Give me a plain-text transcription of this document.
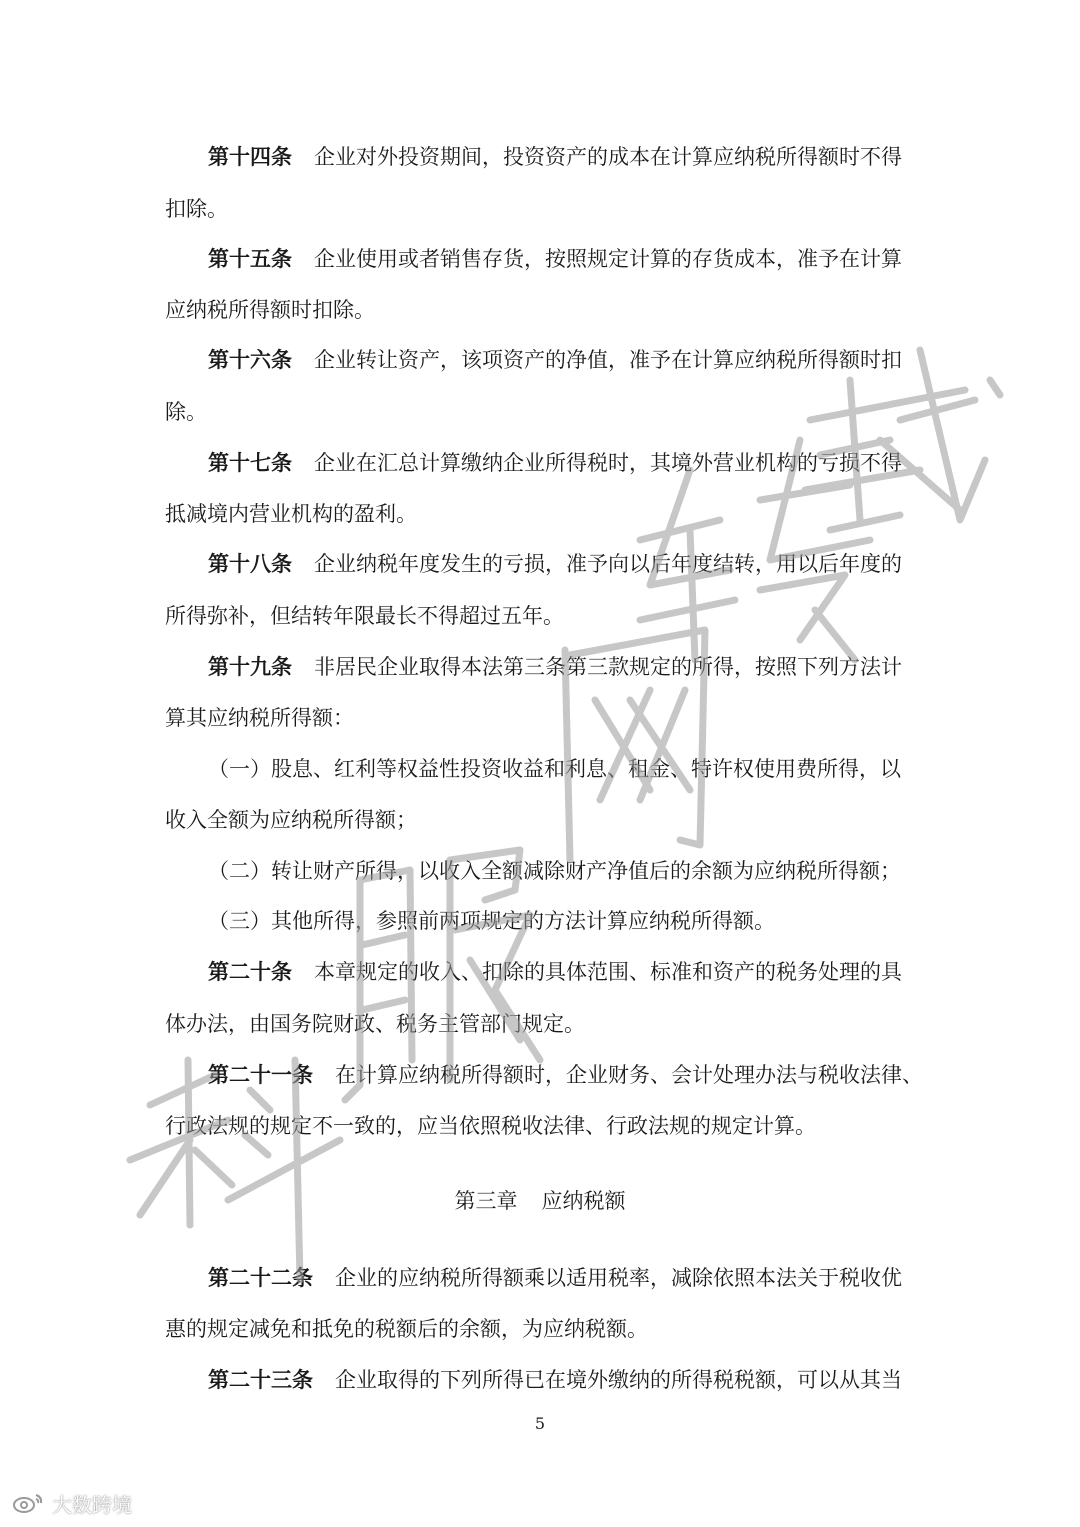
第十四条 企业对外投资期间，投资资产的成本在计算应纳税所得额时不得
扣除。
第十五条 企业使用或者销售存货，按照规定计算的存货成本，准予在计算
应纳税所得额时扣除。
第十六条 企业转让资产，该项资产的净值，准予在计算应纳税所得额时扣
除。
第十七条 企业在汇总计算缴纳企业所得税时，其境外营业机构的亏损不得
抵减境内营业机构的盈利。
第十八条 企业纳税年度发生的亏损，准予向以后年度结转，用以后年度的
所得弥补，但结转年限最长不得超过五年。
第十九条 非居民企业取得本法第三条第三款规定的所得，按照下列方法计
算其应纳税所得额：
（一）股息、红利等权益性投资收益和利息、租金、特许权使用费所得，以
收入全额为应纳税所得额；
（二）转让财产所得，以收入全额减除财产净值后的余额为应纳税所得额；
（三）其他所得，参照前两项规定的方法计算应纳税所得额。
第二十条 本章规定的收入、扣除的具体范围、标准和资产的税务处理的具
体办法，由国务院财政、税务主管部门规定。
第二十一条 在计算应纳税所得额时，企业财务、会计处理办法与税收法律、
行政法规的规定不一致的，应当依照税收法律、行政法规的规定计算。
第三章 应纳税额
第二十二条 企业的应纳税所得额乘以适用税率，减除依照本法关于税收优
惠的规定减免和抵免的税额后的余额，为应纳税额。
第二十三条 企业取得的下列所得已在境外缴纳的所得税税额，可以从其当
5
大数跨境
